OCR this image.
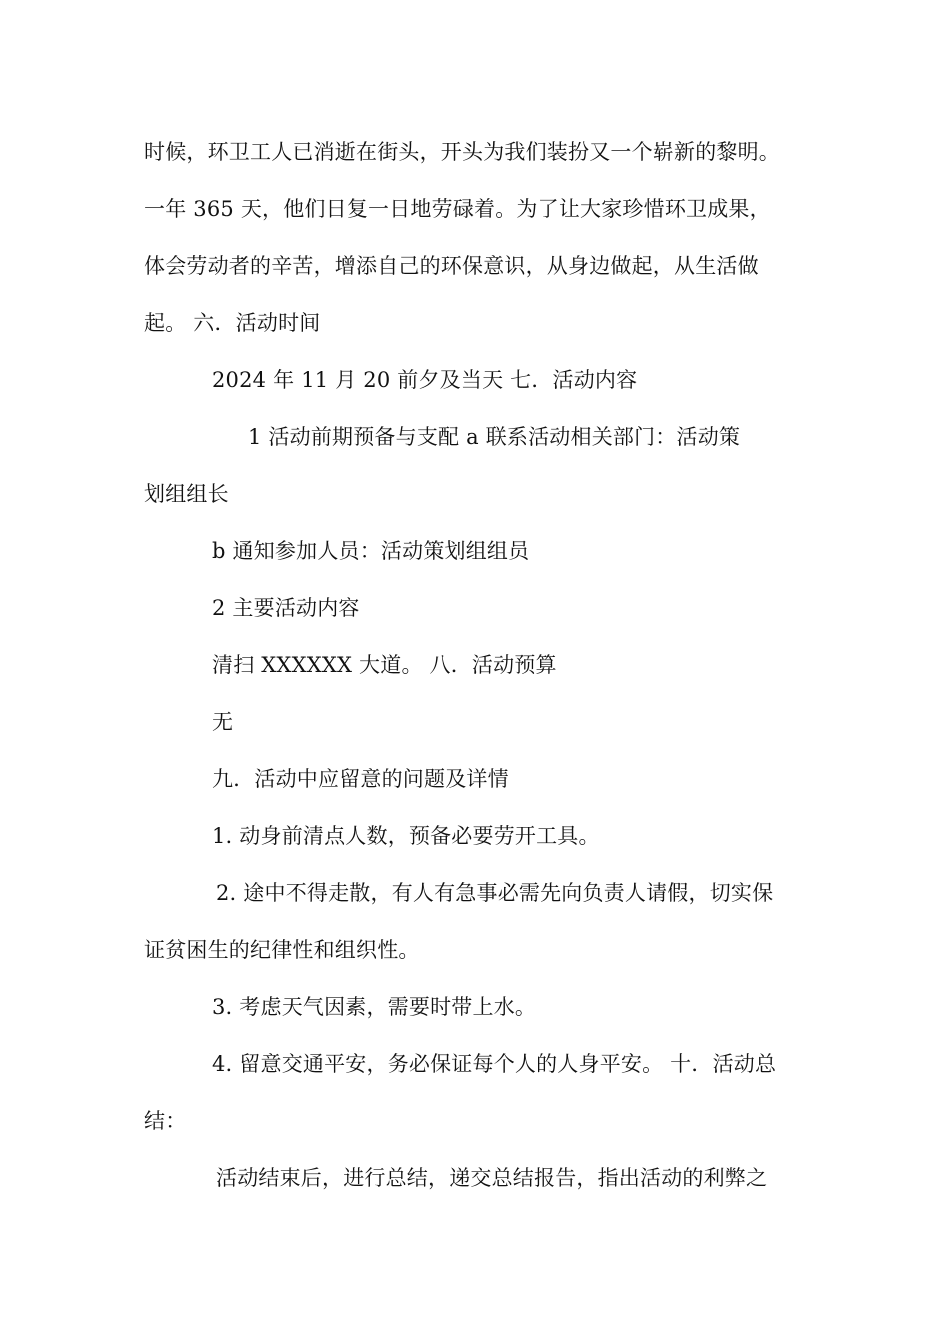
时候，环卫工人已消逝在街头，开头为我们装扮又一个崭新的黎明。
一年 365 天，他们日复一日地劳碌着。为了让大家珍惜环卫成果，
体会劳动者的辛苦，增添自己的环保意识，从身边做起，从生活做
起。 六．活动时间
2024 年 11 月 20 前夕及当天 七．活动内容
1 活动前期预备与支配 a 联系活动相关部门：活动策
划组组长
b 通知参加人员：活动策划组组员
2 主要活动内容
清扫 XXXXXX 大道。 八．活动预算
无
九．活动中应留意的问题及详情
1. 动身前清点人数，预备必要劳开工具。
2. 途中不得走散，有人有急事必需先向负责人请假，切实保
证贫困生的纪律性和组织性。
3. 考虑天气因素，需要时带上水。
4. 留意交通平安，务必保证每个人的人身平安。 十．活动总
结：
活动结束后，进行总结，递交总结报告，指出活动的利弊之
